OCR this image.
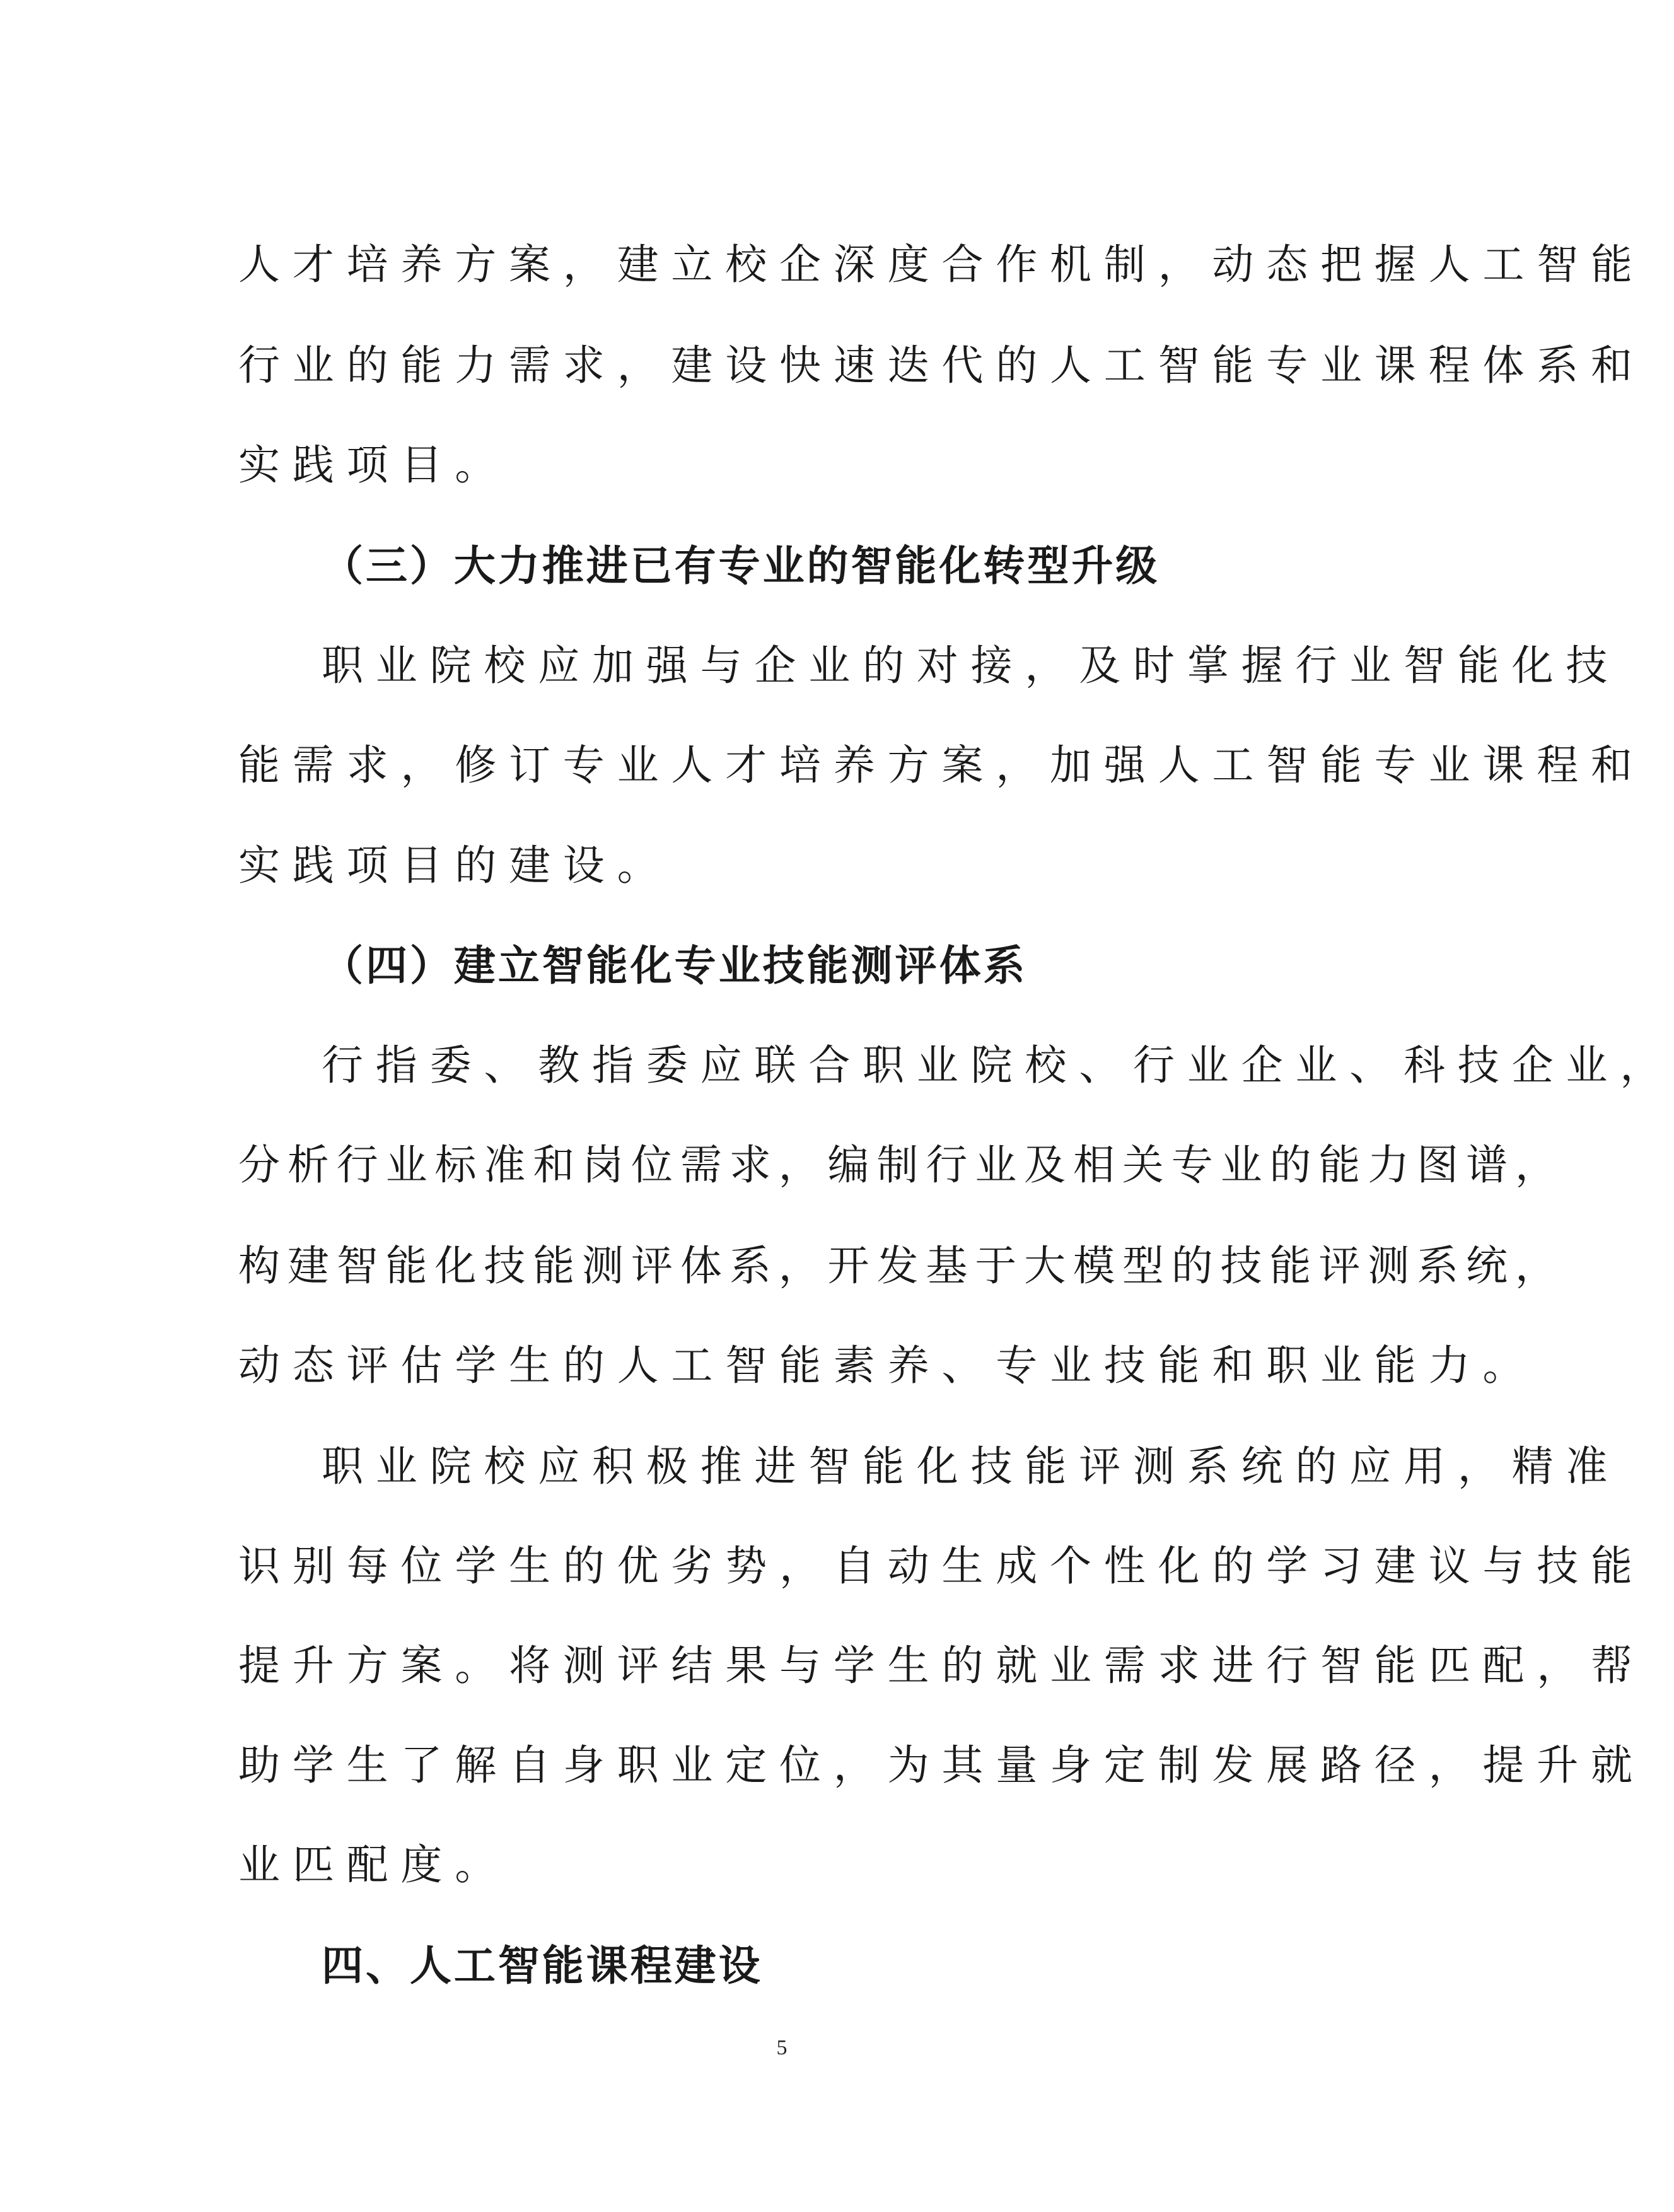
人才培养方案，建立校企深度合作机制，动态把握人工智能
行业的能力需求，建设快速迭代的人工智能专业课程体系和
实践项目。
（三）大力推进已有专业的智能化转型升级
职业院校应加强与企业的对接，及时掌握行业智能化技
能需求，修订专业人才培养方案，加强人工智能专业课程和
实践项目的建设。
（四）建立智能化专业技能测评体系
行指委、教指委应联合职业院校、行业企业、科技企业，
分析行业标准和岗位需求，编制行业及相关专业的能力图谱，
构建智能化技能测评体系，开发基于大模型的技能评测系统，
动态评估学生的人工智能素养、专业技能和职业能力。
职业院校应积极推进智能化技能评测系统的应用，精准
识别每位学生的优劣势，自动生成个性化的学习建议与技能
提升方案。将测评结果与学生的就业需求进行智能匹配，帮
助学生了解自身职业定位，为其量身定制发展路径，提升就
业匹配度。
四、人工智能课程建设
5
